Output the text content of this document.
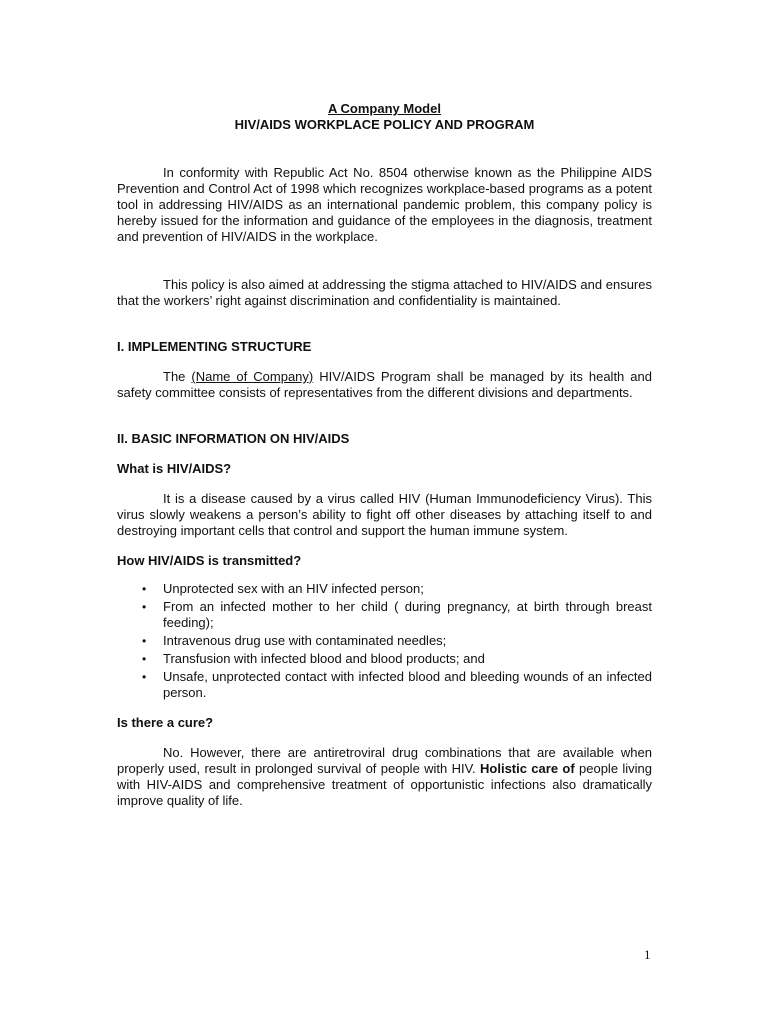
A Company Model
HIV/AIDS WORKPLACE POLICY AND PROGRAM

In conformity with Republic Act No. 8504 otherwise known as the Philippine AIDS Prevention and Control Act of 1998 which recognizes workplace-based programs as a potent tool in addressing HIV/AIDS as an international pandemic problem, this company policy is hereby issued for the information and guidance of the employees in the diagnosis, treatment and prevention of HIV/AIDS in the workplace.

This policy is also aimed at addressing the stigma attached to HIV/AIDS and ensures that the workers’ right against discrimination and confidentiality is maintained.

I. IMPLEMENTING STRUCTURE

The (Name of Company) HIV/AIDS Program shall be managed by its health and safety committee consists of representatives from the different divisions and departments.

II. BASIC INFORMATION ON HIV/AIDS
What is HIV/AIDS?

It is a disease caused by a virus called HIV (Human Immunodeficiency Virus). This virus slowly weakens a person’s ability to fight off other diseases by attaching itself to and destroying important cells that control and support the human immune system.

How HIV/AIDS is transmitted?
• Unprotected sex with an HIV infected person;
• From an infected mother to her child ( during pregnancy, at birth through breast feeding);
• Intravenous drug use with contaminated needles;
• Transfusion with infected blood and blood products; and
• Unsafe, unprotected contact with infected blood and bleeding wounds of an infected person.
Is there a cure?

No. However, there are antiretroviral drug combinations that are available when properly used, result in prolonged survival of people with HIV. Holistic care of people living with HIV-AIDS and comprehensive treatment of opportunistic infections also dramatically improve quality of life.

1
